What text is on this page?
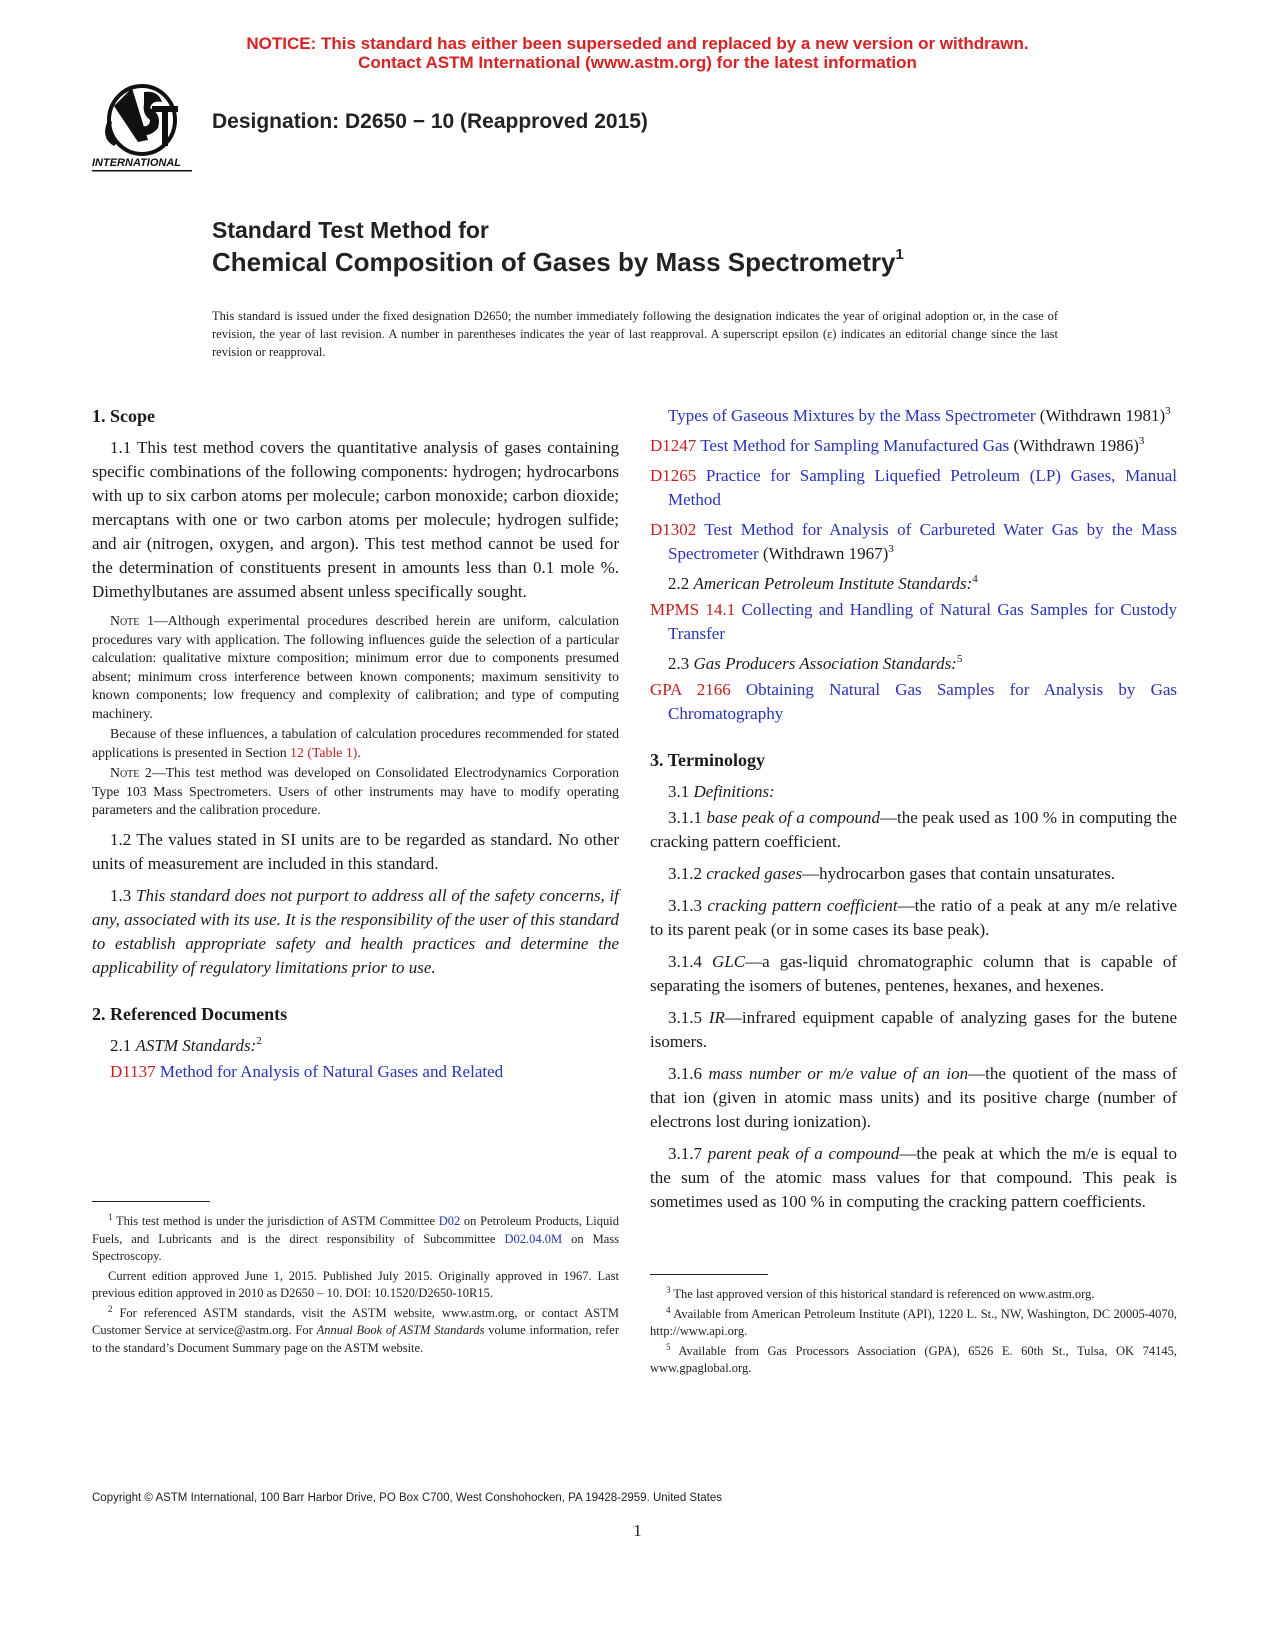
NOTICE: This standard has either been superseded and replaced by a new version or withdrawn.
Contact ASTM International (www.astm.org) for the latest information
INTERNATIONAL
Designation: D2650 − 10 (Reapproved 2015)
Standard Test Method for
Chemical Composition of Gases by Mass Spectrometry$^1$
This standard is issued under the fixed designation D2650; the number immediately following the designation indicates the year of original adoption or, in the case of revision, the year of last revision. A number in parentheses indicates the year of last reapproval. A superscript epsilon (ε) indicates an editorial change since the last revision or reapproval.
1. Scope

1.1 This test method covers the quantitative analysis of gases containing specific combinations of the following components: hydrogen; hydrocarbons with up to six carbon atoms per molecule; carbon monoxide; carbon dioxide; mercaptans with one or two carbon atoms per molecule; hydrogen sulfide; and air (nitrogen, oxygen, and argon). This test method cannot be used for the determination of constituents present in amounts less than 0.1 mole %. Dimethylbutanes are assumed absent unless specifically sought.

Note 1—Although experimental procedures described herein are uniform, calculation procedures vary with application. The following influences guide the selection of a particular calculation: qualitative mixture composition; minimum error due to components presumed absent; minimum cross interference between known components; maximum sensitivity to known components; low frequency and complexity of calibration; and type of computing machinery.
Because of these influences, a tabulation of calculation procedures recommended for stated applications is presented in Section 12 (Table 1).
Note 2—This test method was developed on Consolidated Electrodynamics Corporation Type 103 Mass Spectrometers. Users of other instruments may have to modify operating parameters and the calibration procedure.

1.2 The values stated in SI units are to be regarded as standard. No other units of measurement are included in this standard.

1.3 This standard does not purport to address all of the safety concerns, if any, associated with its use. It is the responsibility of the user of this standard to establish appropriate safety and health practices and determine the applicability of regulatory limitations prior to use.

2. Referenced Documents

2.1 ASTM Standards:$^2$

D1137 Method for Analysis of Natural Gases and Related

$^1$ This test method is under the jurisdiction of ASTM Committee D02 on Petroleum Products, Liquid Fuels, and Lubricants and is the direct responsibility of Subcommittee D02.04.0M on Mass Spectroscopy.

Current edition approved June 1, 2015. Published July 2015. Originally approved in 1967. Last previous edition approved in 2010 as D2650 – 10. DOI: 10.1520/D2650-10R15.

$^2$ For referenced ASTM standards, visit the ASTM website, www.astm.org, or contact ASTM Customer Service at service@astm.org. For Annual Book of ASTM Standards volume information, refer to the standard’s Document Summary page on the ASTM website.

Types of Gaseous Mixtures by the Mass Spectrometer (Withdrawn 1981)$^3$

D1247 Test Method for Sampling Manufactured Gas (Withdrawn 1986)$^3$

D1265 Practice for Sampling Liquefied Petroleum (LP) Gases, Manual Method

D1302 Test Method for Analysis of Carbureted Water Gas by the Mass Spectrometer (Withdrawn 1967)$^3$

2.2 American Petroleum Institute Standards:$^4$

MPMS 14.1 Collecting and Handling of Natural Gas Samples for Custody Transfer

2.3 Gas Producers Association Standards:$^5$

GPA 2166 Obtaining Natural Gas Samples for Analysis by Gas Chromatography

3. Terminology

3.1 Definitions:

3.1.1 base peak of a compound—the peak used as 100 % in computing the cracking pattern coefficient.

3.1.2 cracked gases—hydrocarbon gases that contain unsaturates.

3.1.3 cracking pattern coefficient—the ratio of a peak at any m/e relative to its parent peak (or in some cases its base peak).

3.1.4 GLC—a gas-liquid chromatographic column that is capable of separating the isomers of butenes, pentenes, hexanes, and hexenes.

3.1.5 IR—infrared equipment capable of analyzing gases for the butene isomers.

3.1.6 mass number or m/e value of an ion—the quotient of the mass of that ion (given in atomic mass units) and its positive charge (number of electrons lost during ionization).

3.1.7 parent peak of a compound—the peak at which the m/e is equal to the sum of the atomic mass values for that compound. This peak is sometimes used as 100 % in computing the cracking pattern coefficients.

$^3$ The last approved version of this historical standard is referenced on www.astm.org.

$^4$ Available from American Petroleum Institute (API), 1220 L. St., NW, Washington, DC 20005-4070, http://www.api.org.

$^5$ Available from Gas Processors Association (GPA), 6526 E. 60th St., Tulsa, OK 74145, www.gpaglobal.org.

Copyright © ASTM International, 100 Barr Harbor Drive, PO Box C700, West Conshohocken, PA 19428-2959. United States
1
